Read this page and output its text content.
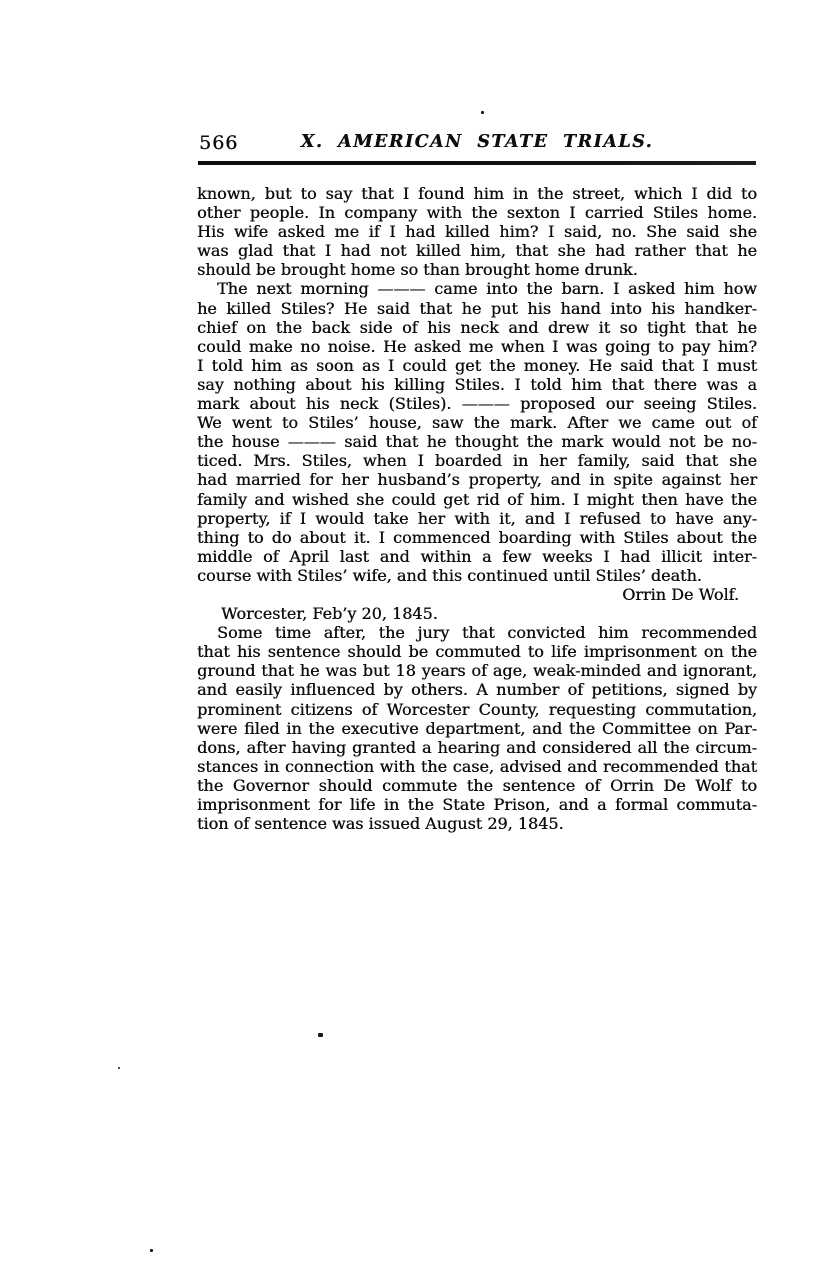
566	X. AMERICAN STATE TRIALS.
known, but to say that I found him in the street, which I did to
other people. In company with the sexton I carried Stiles home.
His wife asked me if I had killed him? I said, no. She said she
was glad that I had not killed him, that she had rather that he
should be brought home so than brought home drunk.
The next morning ——— came into the barn. I asked him how
he killed Stiles? He said that he put his hand into his handker-
chief on the back side of his neck and drew it so tight that he
could make no noise. He asked me when I was going to pay him?
I told him as soon as I could get the money. He said that I must
say nothing about his killing Stiles. I told him that there was a
mark about his neck (Stiles). ——— proposed our seeing Stiles.
We went to Stiles’ house, saw the mark. After we came out of
the house ——— said that he thought the mark would not be no-
ticed. Mrs. Stiles, when I boarded in her family, said that she
had married for her husband’s property, and in spite against her
family and wished she could get rid of him. I might then have the
property, if I would take her with it, and I refused to have any-
thing to do about it. I commenced boarding with Stiles about the
middle of April last and within a few weeks I had illicit inter-
course with Stiles’ wife, and this continued until Stiles’ death.
Orrin De Wolf.
Worcester, Feb’y 20, 1845.
Some time after, the jury that convicted him recommended
that his sentence should be commuted to life imprisonment on the
ground that he was but 18 years of age, weak-minded and ignorant,
and easily influenced by others. A number of petitions, signed by
prominent citizens of Worcester County, requesting commutation,
were filed in the executive department, and the Committee on Par-
dons, after having granted a hearing and considered all the circum-
stances in connection with the case, advised and recommended that
the Governor should commute the sentence of Orrin De Wolf to
imprisonment for life in the State Prison, and a formal commuta-
tion of sentence was issued August 29, 1845.
